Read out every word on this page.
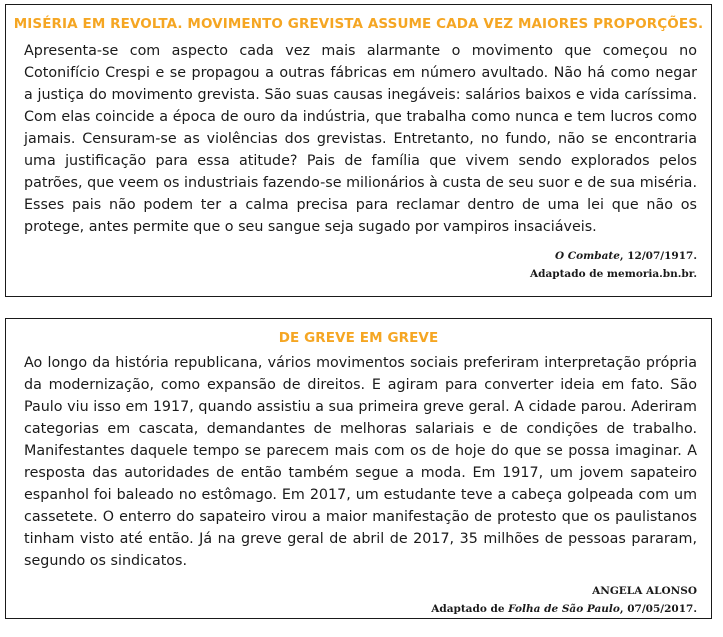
MISÉRIA EM REVOLTA. MOVIMENTO GREVISTA ASSUME CADA VEZ MAIORES PROPORÇÕES.

Apresenta-se com aspecto cada vez mais alarmante o movimento que começou no Cotonifício Crespi e se propagou a outras fábricas em número avultado. Não há como negar a justiça do movimento grevista. São suas causas inegáveis: salários baixos e vida caríssima. Com elas coincide a época de ouro da indústria, que trabalha como nunca e tem lucros como jamais. Censuram-se as violências dos grevistas. Entretanto, no fundo, não se encontraria uma justificação para essa atitude? Pais de família que vivem sendo explorados pelos patrões, que veem os industriais fazendo-se milionários à custa de seu suor e de sua miséria. Esses pais não podem ter a calma precisa para reclamar dentro de uma lei que não os protege, antes permite que o seu sangue seja sugado por vampiros insaciáveis.

O Combate, 12/07/1917.

Adaptado de memoria.bn.br.

DE GREVE EM GREVE

Ao longo da história republicana, vários movimentos sociais preferiram interpretação própria da modernização, como expansão de direitos. E agiram para converter ideia em fato. São Paulo viu isso em 1917, quando assistiu a sua primeira greve geral. A cidade parou. Aderiram categorias em cascata, demandantes de melhoras salariais e de condições de trabalho. Manifestantes daquele tempo se parecem mais com os de hoje do que se possa imaginar. A resposta das autoridades de então também segue a moda. Em 1917, um jovem sapateiro espanhol foi baleado no estômago. Em 2017, um estudante teve a cabeça golpeada com um cassetete. O enterro do sapateiro virou a maior manifestação de protesto que os paulistanos tinham visto até então. Já na greve geral de abril de 2017, 35 milhões de pessoas pararam, segundo os sindicatos.

ANGELA ALONSO

Adaptado de Folha de São Paulo, 07/05/2017.
